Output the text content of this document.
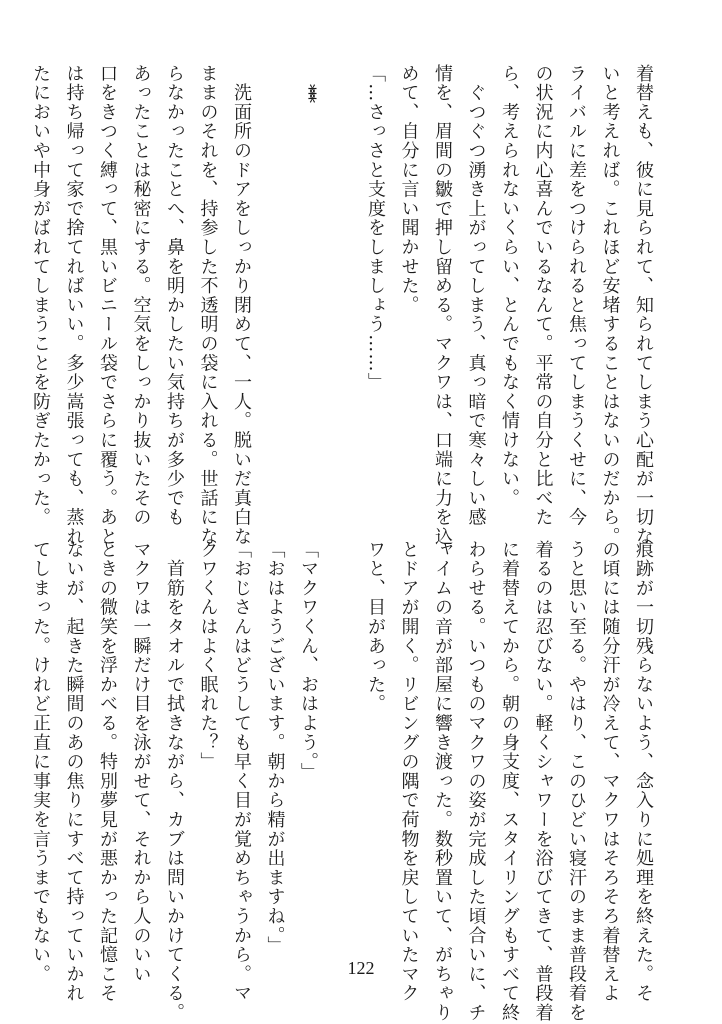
着替えも、彼に見られて、知られてしまう心配が一切な
いと考えれば。これほど安堵することはないのだから。
ライバルに差をつけられると焦ってしまうくせに、今
の状況に内心喜んでいるなんて。平常の自分と比べた
ら、考えられないくらい、とんでもなく情けない。
　ぐつぐつ湧き上がってしまう、真っ暗で寒々しい感
情を、眉間の皺で押し留める。マクワは、口端に力を込
めて、自分に言い聞かせた。
「…さっさと支度をしましょう……」

***

　洗面所のドアをしっかり閉めて、一人。脱いだ真白な
ままのそれを、持参した不透明の袋に入れる。世話にな
らなかったことへ、鼻を明かしたい気持ちが多少でも
あったことは秘密にする。空気をしっかり抜いたその
口をきつく縛って、黒いビニール袋でさらに覆う。あと
は持ち帰って家で捨てればいい。多少嵩張っても、蒸れ
たにおいや中身がばれてしまうことを防ぎたかった。
痕跡が一切残らないよう、念入りに処理を終えた。そ
の頃には随分汗が冷えて、マクワはそろそろ着替えよ
うと思い至る。やはり、このひどい寝汗のまま普段着を
着るのは忍びない。軽くシャワーを浴びてきて、普段着
に着替えてから。朝の身支度、スタイリングもすべて終
わらせる。いつものマクワの姿が完成した頃合いに、チ
ャイムの音が部屋に響き渡った。数秒置いて、がちゃり
とドアが開く。リビングの隅で荷物を戻していたマク
ワと、目があった。

「マクワくん、おはよう。」
「おはようございます。朝から精が出ますね。」
「おじさんはどうしても早く目が覚めちゃうから。マ
クワくんはよく眠れた？」
　首筋をタオルで拭きながら、カブは問いかけてくる。
マクワは一瞬だけ目を泳がせて、それから人のいい
ときの微笑を浮かべる。特別夢見が悪かった記憶こそ
ないが、起きた瞬間のあの焦りにすべて持っていかれ
てしまった。けれど正直に事実を言うまでもない。	122
